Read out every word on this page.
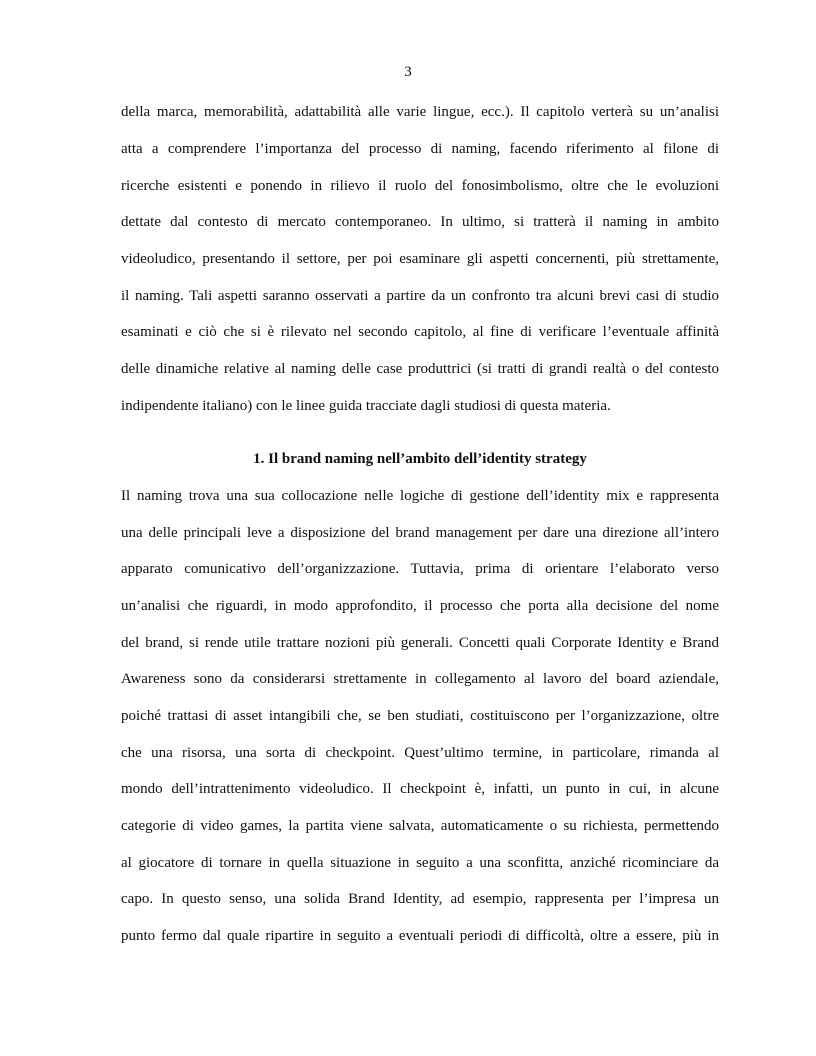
3
della marca, memorabilità, adattabilità alle varie lingue, ecc.). Il capitolo verterà su un’analisi
atta a comprendere l’importanza del processo di naming, facendo riferimento al filone di
ricerche esistenti e ponendo in rilievo il ruolo del fonosimbolismo, oltre che le evoluzioni
dettate dal contesto di mercato contemporaneo. In ultimo, si tratterà il naming in ambito
videoludico, presentando il settore, per poi esaminare gli aspetti concernenti, più strettamente,
il naming. Tali aspetti saranno osservati a partire da un confronto tra alcuni brevi casi di studio
esaminati e ciò che si è rilevato nel secondo capitolo, al fine di verificare l’eventuale affinità
delle dinamiche relative al naming delle case produttrici (si tratti di grandi realtà o del contesto
indipendente italiano) con le linee guida tracciate dagli studiosi di questa materia.
1. Il brand naming nell’ambito dell’identity strategy
Il naming trova una sua collocazione nelle logiche di gestione dell’identity mix e rappresenta
una delle principali leve a disposizione del brand management per dare una direzione all’intero
apparato comunicativo dell’organizzazione. Tuttavia, prima di orientare l’elaborato verso
un’analisi che riguardi, in modo approfondito, il processo che porta alla decisione del nome
del brand, si rende utile trattare nozioni più generali. Concetti quali Corporate Identity e Brand
Awareness sono da considerarsi strettamente in collegamento al lavoro del board aziendale,
poiché trattasi di asset intangibili che, se ben studiati, costituiscono per l’organizzazione, oltre
che una risorsa, una sorta di checkpoint. Quest’ultimo termine, in particolare, rimanda al
mondo dell’intrattenimento videoludico. Il checkpoint è, infatti, un punto in cui, in alcune
categorie di video games, la partita viene salvata, automaticamente o su richiesta, permettendo
al giocatore di tornare in quella situazione in seguito a una sconfitta, anziché ricominciare da
capo. In questo senso, una solida Brand Identity, ad esempio, rappresenta per l’impresa un
punto fermo dal quale ripartire in seguito a eventuali periodi di difficoltà, oltre a essere, più in
